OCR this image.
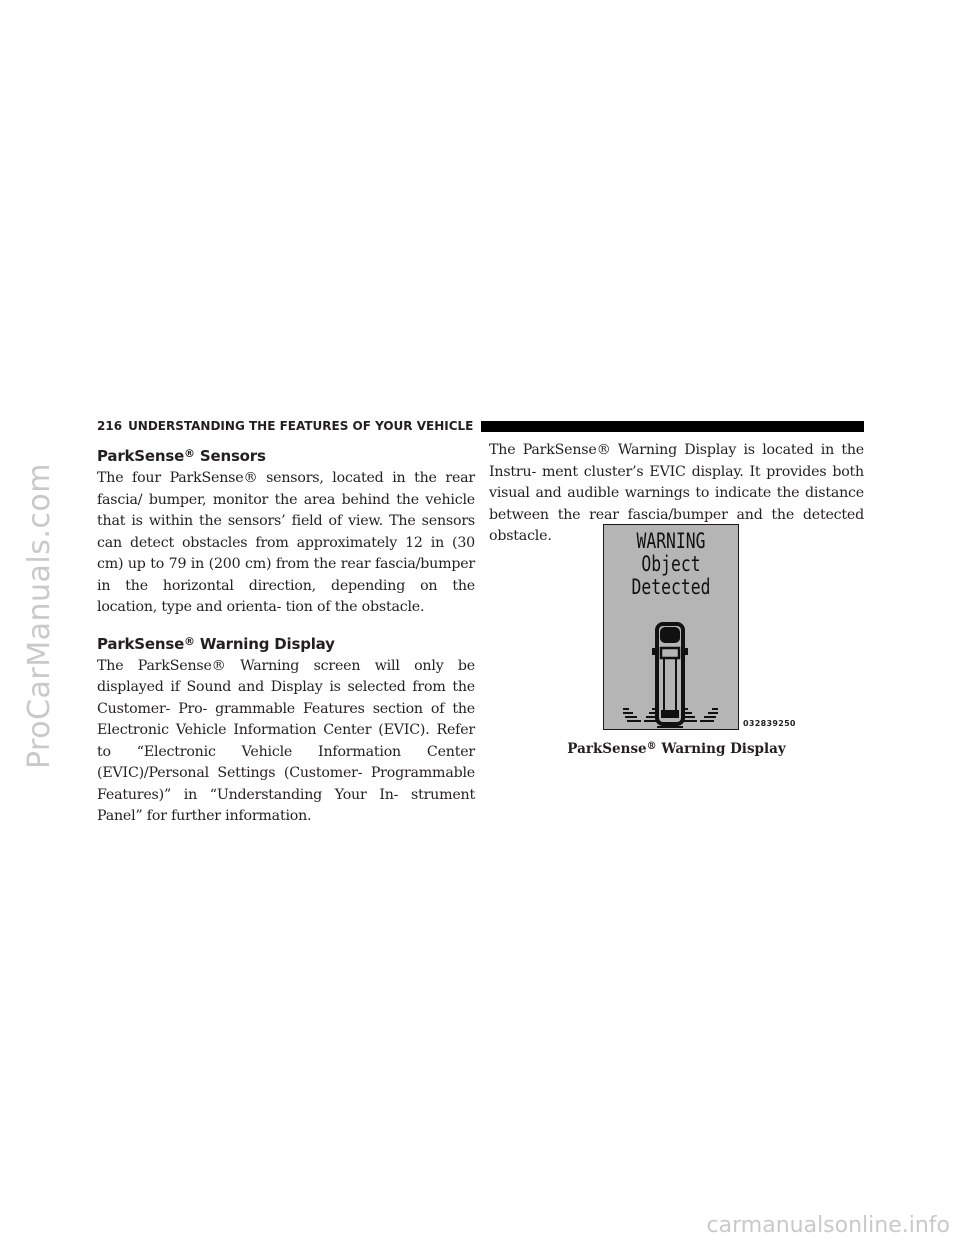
ProCarManuals.com
carmanualsonline.info
216 UNDERSTANDING THE FEATURES OF YOUR VEHICLE
ParkSense® Sensors

The four ParkSense® sensors, located in the rear fascia/ bumper, monitor the area behind the vehicle that is within the sensors’ field of view. The sensors can detect obstacles from approximately 12 in (30 cm) up to 79 in (200 cm) from the rear fascia/bumper in the horizontal direction, depending on the location, type and orienta- tion of the obstacle.

ParkSense® Warning Display

The ParkSense® Warning screen will only be displayed if Sound and Display is selected from the Customer- Pro- grammable Features section of the Electronic Vehicle Information Center (EVIC). Refer to “Electronic Vehicle Information Center (EVIC)/Personal Settings (Customer- Programmable Features)” in “Understanding Your In- strument Panel” for further information.

The ParkSense® Warning Display is located in the Instru- ment cluster’s EVIC display. It provides both visual and audible warnings to indicate the distance between the rear fascia/bumper and the detected obstacle.	WARNING
Object
Detected
032839250
ParkSense® Warning Display
